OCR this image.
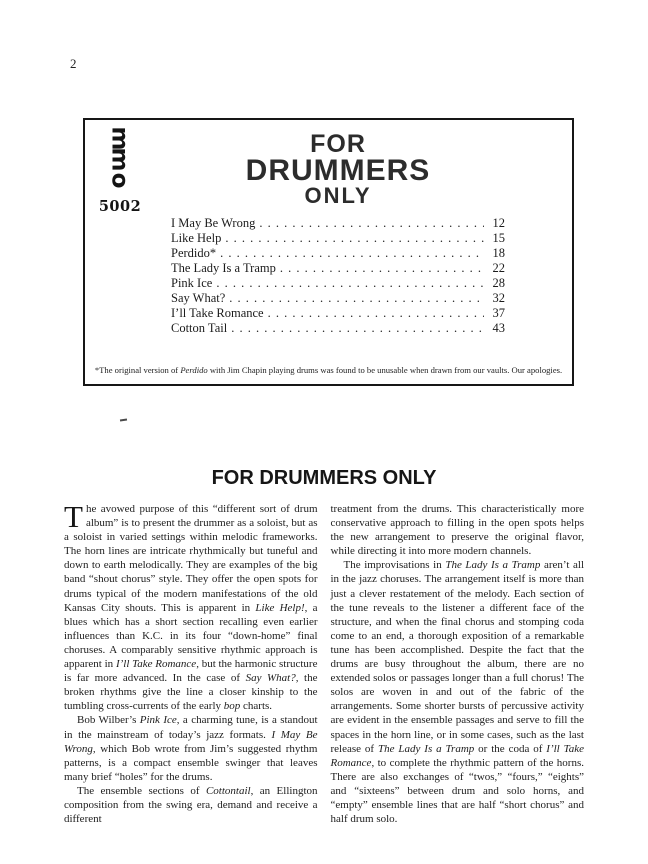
2
m
m
o
5002
FOR
DRUMMERS
ONLY
I May Be Wrong . . .	12
Like Help . . .	15
Perdido* . . .	18
The Lady Is a Tramp . . .	22
Pink Ice . . .	28
Say What? . . .	32
I’ll Take Romance . . .	37
Cotton Tail . . .	43
*The original version of Perdido with Jim Chapin playing drums was found to be unusable when drawn from our vaults. Our apologies.
FOR DRUMMERS ONLY

The avowed purpose of this “different sort of drum album” is to present the drummer as a soloist, but as a soloist in varied settings within melodic frameworks. The horn lines are intricate rhythmically but tuneful and down to earth melodically. They are examples of the big band “shout chorus” style. They offer the open spots for drums typical of the modern manifestations of the old Kansas City shouts. This is apparent in Like Help!, a blues which has a short section recalling even earlier influences than K.C. in its four “down-home” final choruses. A comparably sensitive rhythmic approach is apparent in I’ll Take Romance, but the harmonic structure is far more advanced. In the case of Say What?, the broken rhythms give the line a closer kinship to the tumbling cross-currents of the early bop charts.

Bob Wilber’s Pink Ice, a charming tune, is a standout in the mainstream of today’s jazz formats. I May Be Wrong, which Bob wrote from Jim’s suggested rhythm patterns, is a compact ensemble swinger that leaves many brief “holes” for the drums.

The ensemble sections of Cottontail, an Ellington composition from the swing era, demand and receive a different

treatment from the drums. This characteristically more conservative approach to filling in the open spots helps the new arrangement to preserve the original flavor, while directing it into more modern channels.

The improvisations in The Lady Is a Tramp aren’t all in the jazz choruses. The arrangement itself is more than just a clever restatement of the melody. Each section of the tune reveals to the listener a different face of the structure, and when the final chorus and stomping coda come to an end, a thorough exposition of a remarkable tune has been accomplished. Despite the fact that the drums are busy throughout the album, there are no extended solos or passages longer than a full chorus! The solos are woven in and out of the fabric of the arrangements. Some shorter bursts of percussive activity are evident in the ensemble passages and serve to fill the spaces in the horn line, or in some cases, such as the last release of The Lady Is a Tramp or the coda of I’ll Take Romance, to complete the rhythmic pattern of the horns. There are also exchanges of “twos,” “fours,” “eights” and “sixteens” between drum and solo horns, and “empty” ensemble lines that are half “short chorus” and half drum solo.
